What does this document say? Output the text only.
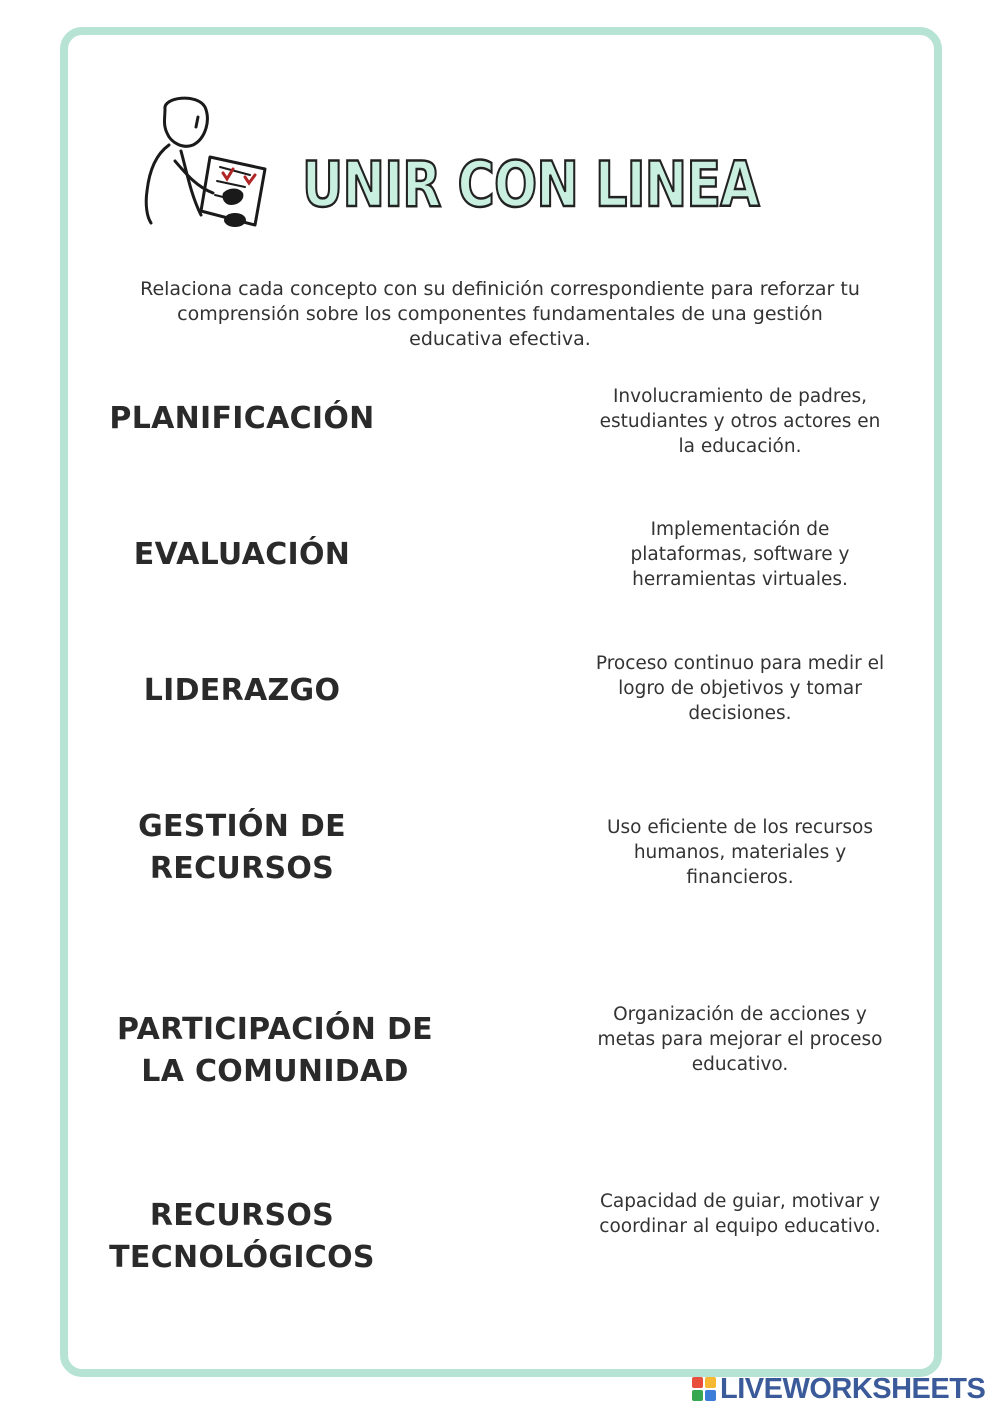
UNIR CON LINEA
Relaciona cada concepto con su definición correspondiente para reforzar tu comprensión sobre los componentes fundamentales de una gestión educativa efectiva.
PLANIFICACIÓN
EVALUACIÓN
LIDERAZGO
GESTIÓN DE RECURSOS
PARTICIPACIÓN DE LA COMUNIDAD
RECURSOS TECNOLÓGICOS
Involucramiento de padres, estudiantes y otros actores en la educación.
Implementación de plataformas, software y herramientas virtuales.
Proceso continuo para medir el logro de objetivos y tomar decisiones.
Uso eficiente de los recursos humanos, materiales y financieros.
Organización de acciones y metas para mejorar el proceso educativo.
Capacidad de guiar, motivar y coordinar al equipo educativo.
LIVEWORKSHEETS
